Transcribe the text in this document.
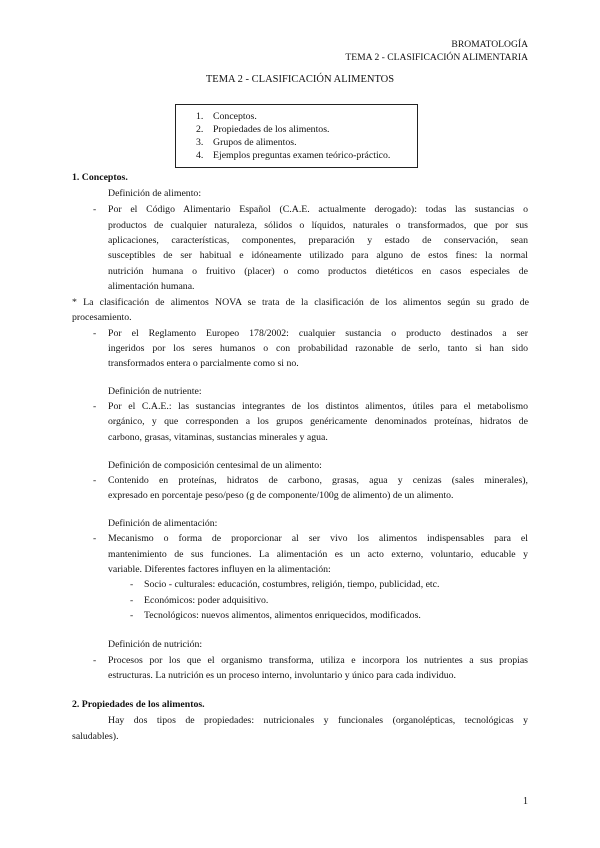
BROMATOLOGÍA
TEMA 2 - CLASIFICACIÓN ALIMENTARIA
TEMA 2 - CLASIFICACIÓN ALIMENTOS
1. Conceptos.
2. Propiedades de los alimentos.
3. Grupos de alimentos.
4. Ejemplos preguntas examen teórico-práctico.
1. Conceptos.
Definición de alimento:
- Por el Código Alimentario Español (C.A.E. actualmente derogado): todas las sustancias o
productos de cualquier naturaleza, sólidos o líquidos, naturales o transformados, que por sus
aplicaciones, características, componentes, preparación y estado de conservación, sean
susceptibles de ser habitual e idóneamente utilizado para alguno de estos fines: la normal
nutrición humana o fruitivo (placer) o como productos dietéticos en casos especiales de
alimentación humana.
* La clasificación de alimentos NOVA se trata de la clasificación de los alimentos según su grado de
procesamiento.
- Por el Reglamento Europeo 178/2002: cualquier sustancia o producto destinados a ser
ingeridos por los seres humanos o con probabilidad razonable de serlo, tanto si han sido
transformados entera o parcialmente como si no.
Definición de nutriente:
- Por el C.A.E.: las sustancias integrantes de los distintos alimentos, útiles para el metabolismo
orgánico, y que corresponden a los grupos genéricamente denominados proteínas, hidratos de
carbono, grasas, vitaminas, sustancias minerales y agua.
Definición de composición centesimal de un alimento:
- Contenido en proteínas, hidratos de carbono, grasas, agua y cenizas (sales minerales),
expresado en porcentaje peso/peso (g de componente/100g de alimento) de un alimento.
Definición de alimentación:
- Mecanismo o forma de proporcionar al ser vivo los alimentos indispensables para el
mantenimiento de sus funciones. La alimentación es un acto externo, voluntario, educable y
variable. Diferentes factores influyen en la alimentación:
- Socio - culturales: educación, costumbres, religión, tiempo, publicidad, etc.
- Económicos: poder adquisitivo.
- Tecnológicos: nuevos alimentos, alimentos enriquecidos, modificados.
Definición de nutrición:
- Procesos por los que el organismo transforma, utiliza e incorpora los nutrientes a sus propias
estructuras. La nutrición es un proceso interno, involuntario y único para cada individuo.
2. Propiedades de los alimentos.
Hay dos tipos de propiedades: nutricionales y funcionales (organolépticas, tecnológicas y
saludables).
1
